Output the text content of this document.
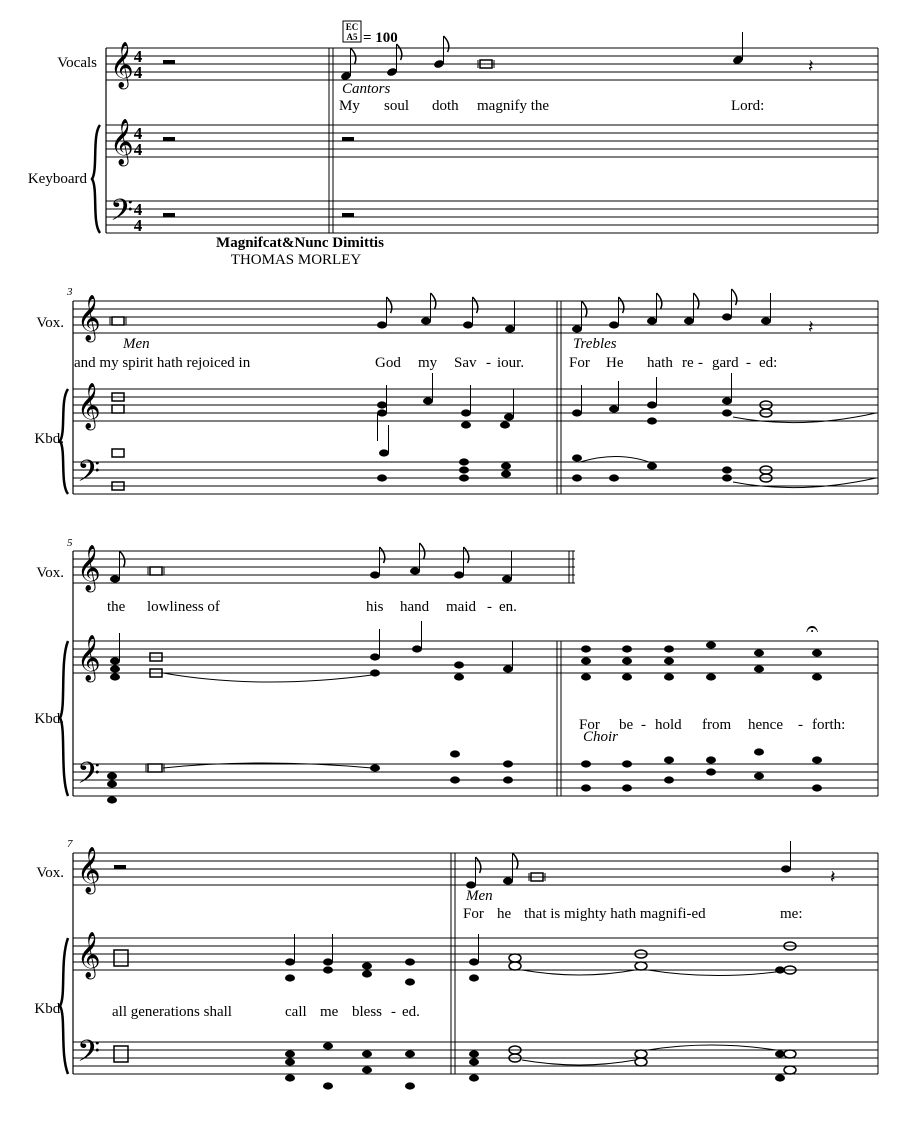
Vocals
Keyboard
EC
A5 = 100
𝄞
𝄞
𝄢
4
4
4
4
4
4
𝄽
Cantors
My soul doth magnify the	Lord:
Magnifcat&Nunc Dimittis
THOMAS MORLEY
3
Vox.
Kbd.
𝄞
𝄞
𝄢
𝄽
Men	Trebles
and my spirit hath rejoiced in	God my Sav - iour.	For He hath re - gard - ed:
5
Vox.
Kbd.
𝄞
𝄞
𝄢
the lowliness of	his hand maid - en.
Choir
For be - hold from hence - forth:
𝄐
7
Vox.
Kbd.
𝄞
𝄞
𝄢
𝄽
Men
For he that is mighty hath magnifi-ed	me:
all generations shall	call me bless - ed.
